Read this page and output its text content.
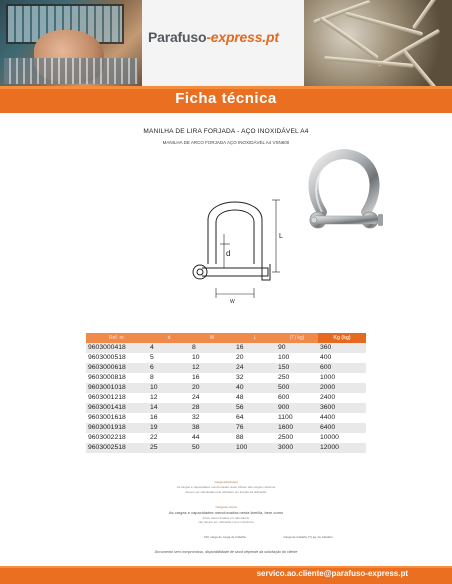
Parafuso-express.pt
Ficha técnica
MANILHA DE LIRA FORJADA - AÇO INOXIDÁVEL A4
MANILHA DE ARCO FORJADA AÇO INOXIDÁVEL A4 VSN600
d
L
W
Ref. nr.	d	W	L	(T) kg)	Kg (kg)
9603000418	4	8	16	90	360
9603000518	5	10	20	100	400
9603000618	6	12	24	150	600
9603000818	8	16	32	250	1000
9603001018	10	20	40	500	2000
9603001218	12	24	48	600	2400
9603001418	14	28	56	900	3600
9603001618	16	32	64	1100	4400
9603001918	19	38	76	1600	6400
9603002218	22	44	88	2500	10000
9603002518	25	50	100	3000	12000
Carga admissível
As cargas e capacidades mencionadas neste folheto são cargas máximas
devem ser calculadas pelo utilizador em função da utilização
Carga de rotura
As cargas e capacidades mencionadas nesta família, bem como
foram determinadas em laboratório
não devem ser utilizadas como referência
CM: carga de carga de trabalho	Carga de trabalho (T) kg: de trabalho
Documento sem compromisso, disponibilidade de stock depende da solicitação do cliente
servico.ao.cliente@parafuso-express.pt
